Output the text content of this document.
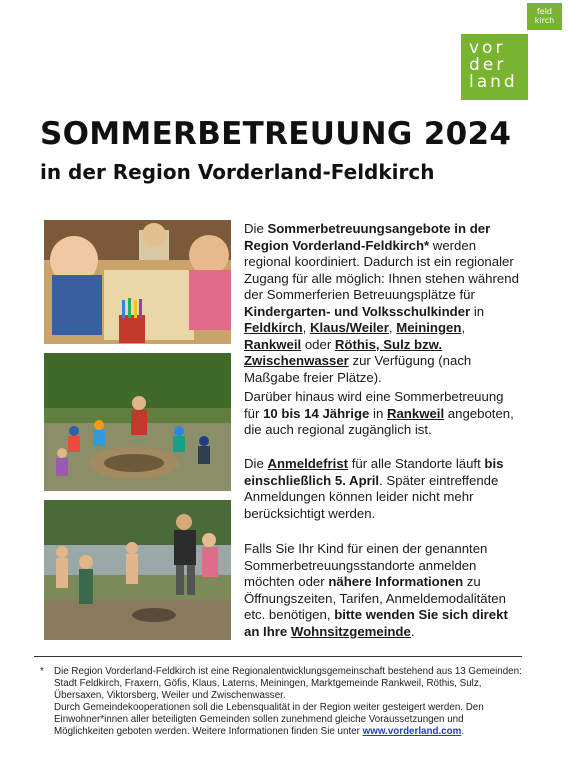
feld
kirch
vor
der
land
SOMMERBETREUUNG 2024
in der Region Vorderland-Feldkirch
Die Sommerbetreuungsangebote in der Region Vorderland-Feldkirch* werden regional koordiniert. Dadurch ist ein regionaler Zugang für alle möglich: Ihnen stehen während der Sommerferien Betreuungsplätze für Kindergarten- und Volksschulkinder in Feldkirch, Klaus/Weiler, Meiningen, Rankweil oder Röthis, Sulz bzw. Zwischenwasser zur Verfügung (nach Maßgabe freier Plätze).
Darüber hinaus wird eine Sommerbetreuung für 10 bis 14 Jährige in Rankweil angeboten, die auch regional zugänglich ist.
Die Anmeldefrist für alle Standorte läuft bis einschließlich 5. April. Später eintreffende Anmeldungen können leider nicht mehr berücksichtigt werden.
Falls Sie Ihr Kind für einen der genannten Sommerbetreuungsstandorte anmelden möchten oder nähere Informationen zu Öffnungszeiten, Tarifen, Anmeldemodalitäten etc. benötigen, bitte wenden Sie sich direkt an Ihre Wohnsitzgemeinde.
* Die Region Vorderland-Feldkirch ist eine Regionalentwicklungsgemeinschaft bestehend aus 13 Gemeinden: Stadt Feldkirch, Fraxern, Göfis, Klaus, Laterns, Meiningen, Marktgemeinde Rankweil, Röthis, Sulz, Übersaxen, Viktorsberg, Weiler und Zwischenwasser.
Durch Gemeindekooperationen soll die Lebensqualität in der Region weiter gesteigert werden. Den Einwohner*innen aller beteiligten Gemeinden sollen zunehmend gleiche Voraussetzungen und Möglichkeiten geboten werden. Weitere Informationen finden Sie unter www.vorderland.com.
